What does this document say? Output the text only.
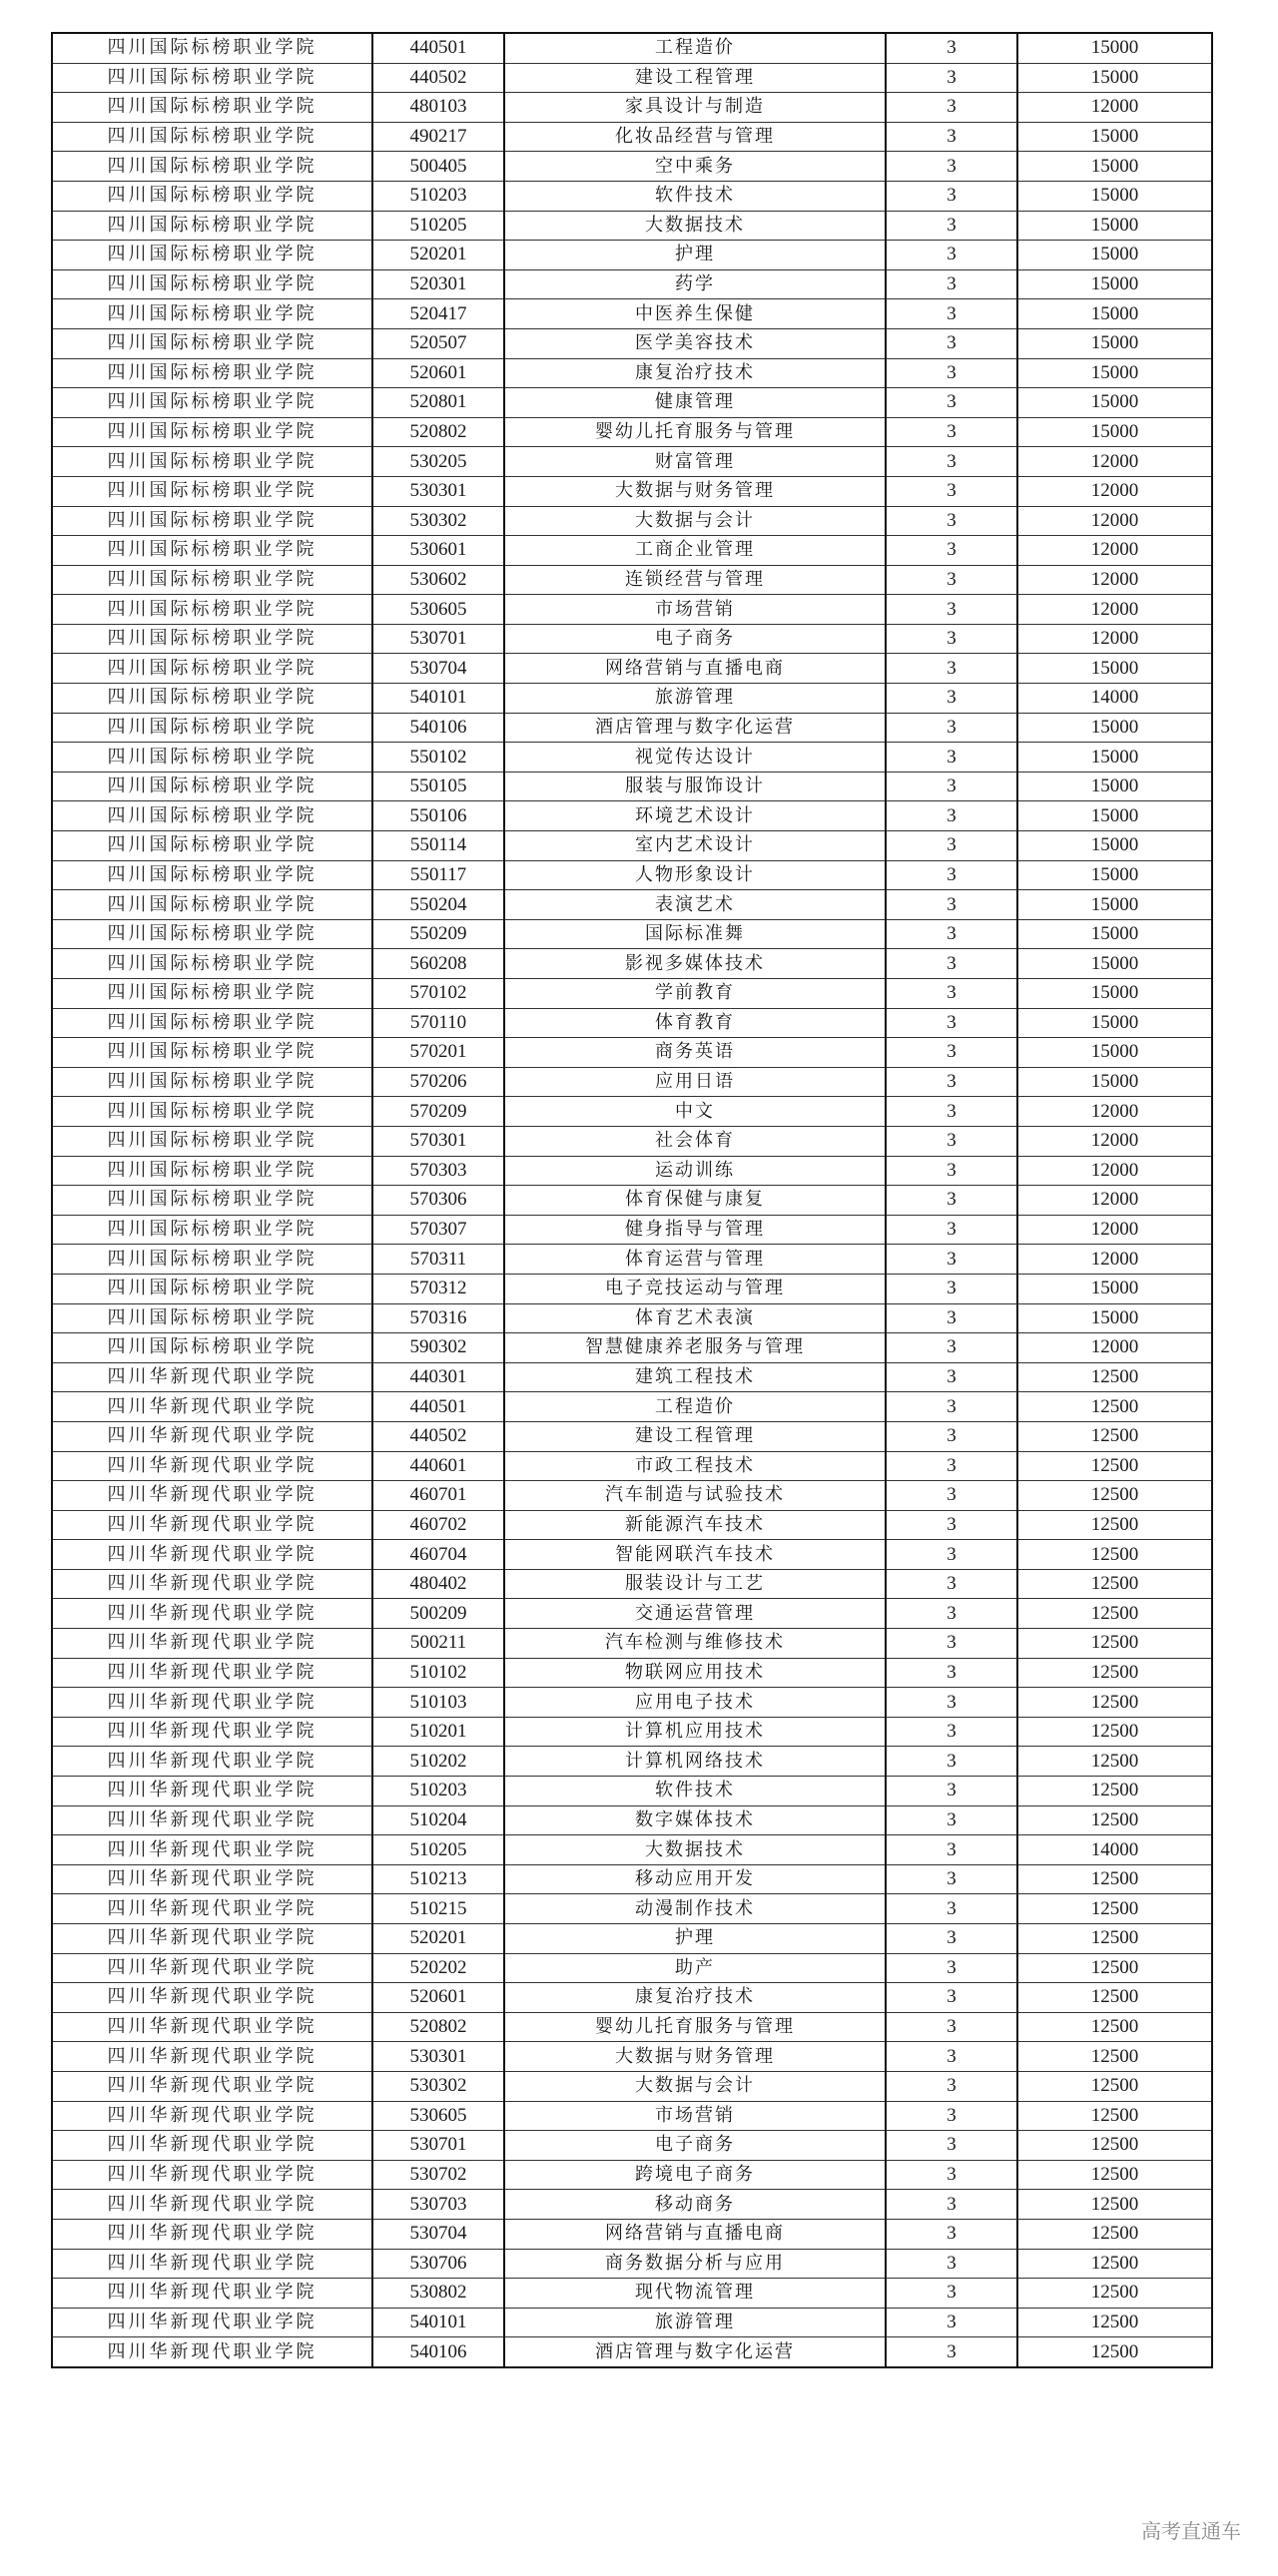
四川国际标榜职业学院	440501	工程造价	3	15000
四川国际标榜职业学院	440502	建设工程管理	3	15000
四川国际标榜职业学院	480103	家具设计与制造	3	12000
四川国际标榜职业学院	490217	化妆品经营与管理	3	15000
四川国际标榜职业学院	500405	空中乘务	3	15000
四川国际标榜职业学院	510203	软件技术	3	15000
四川国际标榜职业学院	510205	大数据技术	3	15000
四川国际标榜职业学院	520201	护理	3	15000
四川国际标榜职业学院	520301	药学	3	15000
四川国际标榜职业学院	520417	中医养生保健	3	15000
四川国际标榜职业学院	520507	医学美容技术	3	15000
四川国际标榜职业学院	520601	康复治疗技术	3	15000
四川国际标榜职业学院	520801	健康管理	3	15000
四川国际标榜职业学院	520802	婴幼儿托育服务与管理	3	15000
四川国际标榜职业学院	530205	财富管理	3	12000
四川国际标榜职业学院	530301	大数据与财务管理	3	12000
四川国际标榜职业学院	530302	大数据与会计	3	12000
四川国际标榜职业学院	530601	工商企业管理	3	12000
四川国际标榜职业学院	530602	连锁经营与管理	3	12000
四川国际标榜职业学院	530605	市场营销	3	12000
四川国际标榜职业学院	530701	电子商务	3	12000
四川国际标榜职业学院	530704	网络营销与直播电商	3	15000
四川国际标榜职业学院	540101	旅游管理	3	14000
四川国际标榜职业学院	540106	酒店管理与数字化运营	3	15000
四川国际标榜职业学院	550102	视觉传达设计	3	15000
四川国际标榜职业学院	550105	服装与服饰设计	3	15000
四川国际标榜职业学院	550106	环境艺术设计	3	15000
四川国际标榜职业学院	550114	室内艺术设计	3	15000
四川国际标榜职业学院	550117	人物形象设计	3	15000
四川国际标榜职业学院	550204	表演艺术	3	15000
四川国际标榜职业学院	550209	国际标准舞	3	15000
四川国际标榜职业学院	560208	影视多媒体技术	3	15000
四川国际标榜职业学院	570102	学前教育	3	15000
四川国际标榜职业学院	570110	体育教育	3	15000
四川国际标榜职业学院	570201	商务英语	3	15000
四川国际标榜职业学院	570206	应用日语	3	15000
四川国际标榜职业学院	570209	中文	3	12000
四川国际标榜职业学院	570301	社会体育	3	12000
四川国际标榜职业学院	570303	运动训练	3	12000
四川国际标榜职业学院	570306	体育保健与康复	3	12000
四川国际标榜职业学院	570307	健身指导与管理	3	12000
四川国际标榜职业学院	570311	体育运营与管理	3	12000
四川国际标榜职业学院	570312	电子竞技运动与管理	3	15000
四川国际标榜职业学院	570316	体育艺术表演	3	15000
四川国际标榜职业学院	590302	智慧健康养老服务与管理	3	12000
四川华新现代职业学院	440301	建筑工程技术	3	12500
四川华新现代职业学院	440501	工程造价	3	12500
四川华新现代职业学院	440502	建设工程管理	3	12500
四川华新现代职业学院	440601	市政工程技术	3	12500
四川华新现代职业学院	460701	汽车制造与试验技术	3	12500
四川华新现代职业学院	460702	新能源汽车技术	3	12500
四川华新现代职业学院	460704	智能网联汽车技术	3	12500
四川华新现代职业学院	480402	服装设计与工艺	3	12500
四川华新现代职业学院	500209	交通运营管理	3	12500
四川华新现代职业学院	500211	汽车检测与维修技术	3	12500
四川华新现代职业学院	510102	物联网应用技术	3	12500
四川华新现代职业学院	510103	应用电子技术	3	12500
四川华新现代职业学院	510201	计算机应用技术	3	12500
四川华新现代职业学院	510202	计算机网络技术	3	12500
四川华新现代职业学院	510203	软件技术	3	12500
四川华新现代职业学院	510204	数字媒体技术	3	12500
四川华新现代职业学院	510205	大数据技术	3	14000
四川华新现代职业学院	510213	移动应用开发	3	12500
四川华新现代职业学院	510215	动漫制作技术	3	12500
四川华新现代职业学院	520201	护理	3	12500
四川华新现代职业学院	520202	助产	3	12500
四川华新现代职业学院	520601	康复治疗技术	3	12500
四川华新现代职业学院	520802	婴幼儿托育服务与管理	3	12500
四川华新现代职业学院	530301	大数据与财务管理	3	12500
四川华新现代职业学院	530302	大数据与会计	3	12500
四川华新现代职业学院	530605	市场营销	3	12500
四川华新现代职业学院	530701	电子商务	3	12500
四川华新现代职业学院	530702	跨境电子商务	3	12500
四川华新现代职业学院	530703	移动商务	3	12500
四川华新现代职业学院	530704	网络营销与直播电商	3	12500
四川华新现代职业学院	530706	商务数据分析与应用	3	12500
四川华新现代职业学院	530802	现代物流管理	3	12500
四川华新现代职业学院	540101	旅游管理	3	12500
四川华新现代职业学院	540106	酒店管理与数字化运营	3	12500
高考直通车
